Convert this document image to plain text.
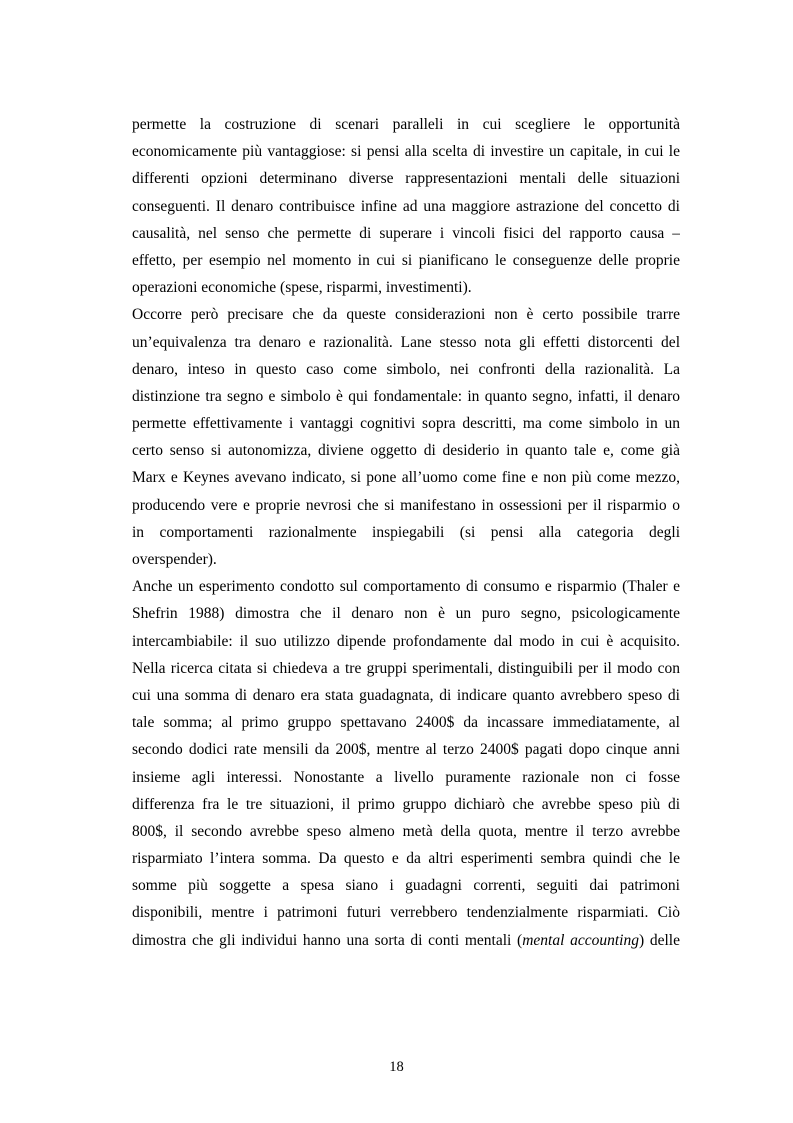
permette la costruzione di scenari paralleli in cui scegliere le opportunità
economicamente più vantaggiose: si pensi alla scelta di investire un capitale, in cui le
differenti opzioni determinano diverse rappresentazioni mentali delle situazioni
conseguenti. Il denaro contribuisce infine ad una maggiore astrazione del concetto di
causalità, nel senso che permette di superare i vincoli fisici del rapporto causa –
effetto, per esempio nel momento in cui si pianificano le conseguenze delle proprie
operazioni economiche (spese, risparmi, investimenti).
Occorre però precisare che da queste considerazioni non è certo possibile trarre
un’equivalenza tra denaro e razionalità. Lane stesso nota gli effetti distorcenti del
denaro, inteso in questo caso come simbolo, nei confronti della razionalità. La
distinzione tra segno e simbolo è qui fondamentale: in quanto segno, infatti, il denaro
permette effettivamente i vantaggi cognitivi sopra descritti, ma come simbolo in un
certo senso si autonomizza, diviene oggetto di desiderio in quanto tale e, come già
Marx e Keynes avevano indicato, si pone all’uomo come fine e non più come mezzo,
producendo vere e proprie nevrosi che si manifestano in ossessioni per il risparmio o
in comportamenti razionalmente inspiegabili (si pensi alla categoria degli
overspender).
Anche un esperimento condotto sul comportamento di consumo e risparmio (Thaler e
Shefrin 1988) dimostra che il denaro non è un puro segno, psicologicamente
intercambiabile: il suo utilizzo dipende profondamente dal modo in cui è acquisito.
Nella ricerca citata si chiedeva a tre gruppi sperimentali, distinguibili per il modo con
cui una somma di denaro era stata guadagnata, di indicare quanto avrebbero speso di
tale somma; al primo gruppo spettavano 2400$ da incassare immediatamente, al
secondo dodici rate mensili da 200$, mentre al terzo 2400$ pagati dopo cinque anni
insieme agli interessi. Nonostante a livello puramente razionale non ci fosse
differenza fra le tre situazioni, il primo gruppo dichiarò che avrebbe speso più di
800$, il secondo avrebbe speso almeno metà della quota, mentre il terzo avrebbe
risparmiato l’intera somma. Da questo e da altri esperimenti sembra quindi che le
somme più soggette a spesa siano i guadagni correnti, seguiti dai patrimoni
disponibili, mentre i patrimoni futuri verrebbero tendenzialmente risparmiati. Ciò
dimostra che gli individui hanno una sorta di conti mentali (mental accounting) delle
18
